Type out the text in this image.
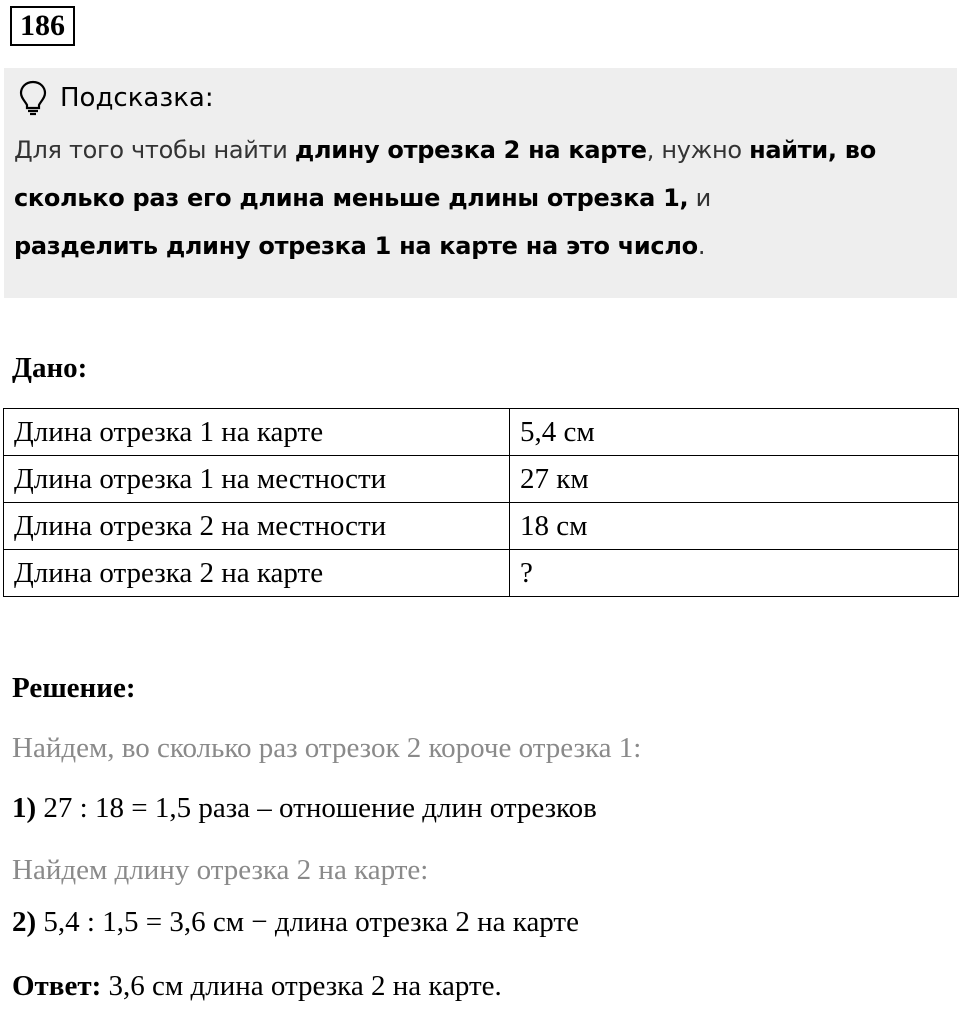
186
Подсказка:
Для того чтобы найти длину отрезка 2 на карте, нужно найти, во сколько раз его длина меньше длины отрезка 1, и
разделить длину отрезка 1 на карте на это число.
Дано:
Длина отрезка 1 на карте	5,4 см
Длина отрезка 1 на местности	27 км
Длина отрезка 2 на местности	18 см
Длина отрезка 2 на карте	?
Решение:
Найдем, во сколько раз отрезок 2 короче отрезка 1:
1) 27 : 18 = 1,5 раза – отношение длин отрезков
Найдем длину отрезка 2 на карте:
2) 5,4 : 1,5 = 3,6 см − длина отрезка 2 на карте
Ответ: 3,6 см длина отрезка 2 на карте.
